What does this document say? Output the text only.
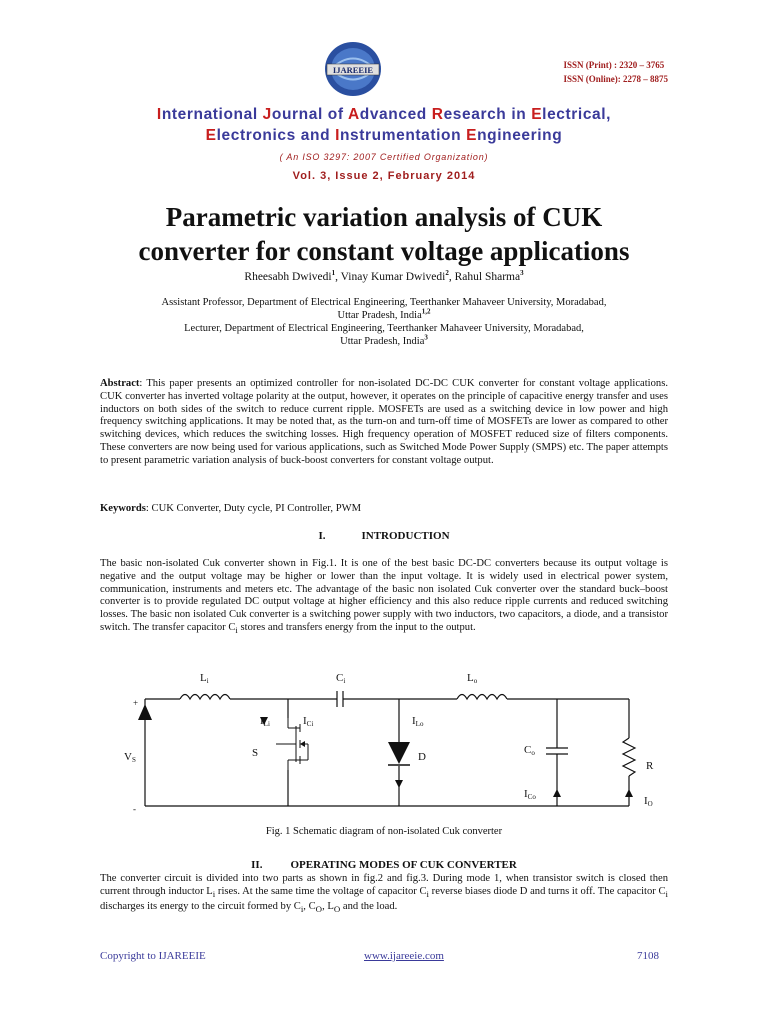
IJAREEIE	ISSN (Print) : 2320 – 3765
ISSN (Online): 2278 – 8875
International Journal of Advanced Research in Electrical,
Electronics and Instrumentation Engineering
( An ISO 3297: 2007 Certified Organization)
Vol. 3, Issue 2, February 2014
Parametric variation analysis of CUK
converter for constant voltage applications
Rheesabh Dwivedi$^1$, Vinay Kumar Dwivedi$^2$, Rahul Sharma$^3$
Assistant Professor, Department of Electrical Engineering, Teerthanker Mahaveer University, Moradabad,
Uttar Pradesh, India$^{1,2}$
Lecturer, Department of Electrical Engineering, Teerthanker Mahaveer University, Moradabad,
Uttar Pradesh, India$^3$
Abstract: This paper presents an optimized controller for non-isolated DC-DC CUK converter for constant voltage applications. CUK converter has inverted voltage polarity at the output, however, it operates on the principle of capacitive energy transfer and uses inductors on both sides of the switch to reduce current ripple. MOSFETs are used as a switching device in low power and high frequency switching applications. It may be noted that, as the turn-on and turn-off time of MOSFETs are lower as compared to other switching devices, which reduces the switching losses. High frequency operation of MOSFET reduced size of filters components. These converters are now being used for various applications, such as Switched Mode Power Supply (SMPS) etc. The paper attempts to present parametric variation analysis of buck-boost converters for constant voltage output.
Keywords: CUK Converter, Duty cycle, PI Controller, PWM
I.	INTRODUCTION
The basic non-isolated Cuk converter shown in Fig.1. It is one of the best basic DC-DC converters because its output voltage is negative and the output voltage may be higher or lower than the input voltage. It is widely used in electrical power system, communication, instruments and meters etc. The advantage of the basic non isolated Cuk converter over the standard buck–boost converter is to provide regulated DC output voltage at higher efficiency and this also reduce ripple currents and reduced switching losses. The basic non isolated Cuk converter is a switching power supply with two inductors, two capacitors, a diode, and a transistor switch. The transfer capacitor $C_i$ stores and transfers energy from the input to the output.
Li	Ci	Lo
ILi	ICi	ILo
VS
S	D
Co
R
ICo	IO
+
-
Fig. 1 Schematic diagram of non-isolated Cuk converter
II.	OPERATING MODES OF CUK CONVERTER
The converter circuit is divided into two parts as shown in fig.2 and fig.3. During mode 1, when transistor switch is closed then current through inductor $L_i$ rises. At the same time the voltage of capacitor $C_i$ reverse biases diode D and turns it off. The capacitor $C_i$ discharges its energy to the circuit formed by $C_i$, $C_O$, $L_O$ and the load.
Copyright to IJAREEIE	www.ijareeie.com	7108
